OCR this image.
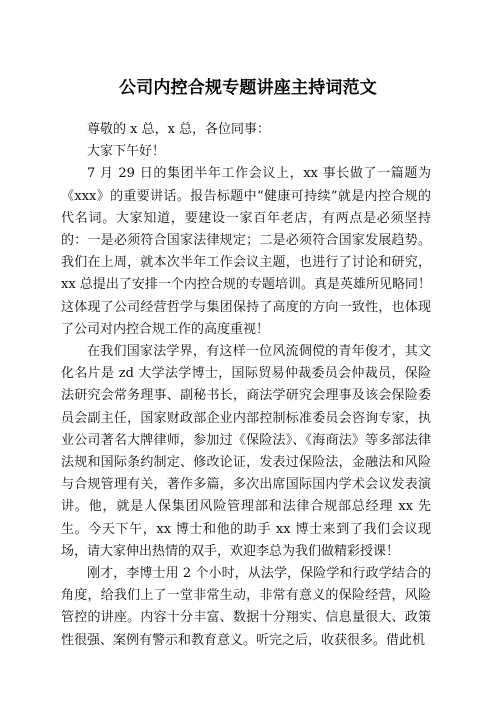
公司内控合规专题讲座主持词范文

尊敬的 x 总，x 总，各位同事：

大家下午好！

7 月 29 日的集团半年工作会议上，xx 事长做了一篇题为《xxx》的重要讲话。报告标题中“健康可持续”就是内控合规的代名词。大家知道，要建设一家百年老店，有两点是必须坚持的：一是必须符合国家法律规定；二是必须符合国家发展趋势。我们在上周，就本次半年工作会议主题，也进行了讨论和研究，xx 总提出了安排一个内控合规的专题培训。真是英雄所见略同！这体现了公司经营哲学与集团保持了高度的方向一致性，也体现了公司对内控合规工作的高度重视！

在我们国家法学界，有这样一位风流倜傥的青年俊才，其文化名片是 zd 大学法学博士，国际贸易仲裁委员会仲裁员，保险法研究会常务理事、副秘书长，商法学研究会理事及该会保险委员会副主任，国家财政部企业内部控制标准委员会咨询专家，执业公司著名大牌律师，参加过《保险法》、《海商法》等多部法律法规和国际条约制定、修改论证，发表过保险法，金融法和风险与合规管理有关，著作多篇，多次出席国际国内学术会议发表演讲。他，就是人保集团风险管理部和法律合规部总经理 xx 先生。今天下午，xx 博士和他的助手 xx 博士来到了我们会议现场，请大家伸出热情的双手，欢迎李总为我们做精彩授课！

刚才，李博士用 2 个小时，从法学，保险学和行政学结合的角度，给我们上了一堂非常生动，非常有意义的保险经营，风险管控的讲座。内容十分丰富、数据十分翔实、信息量很大、政策性很强、案例有警示和教育意义。听完之后，收获很多。借此机
